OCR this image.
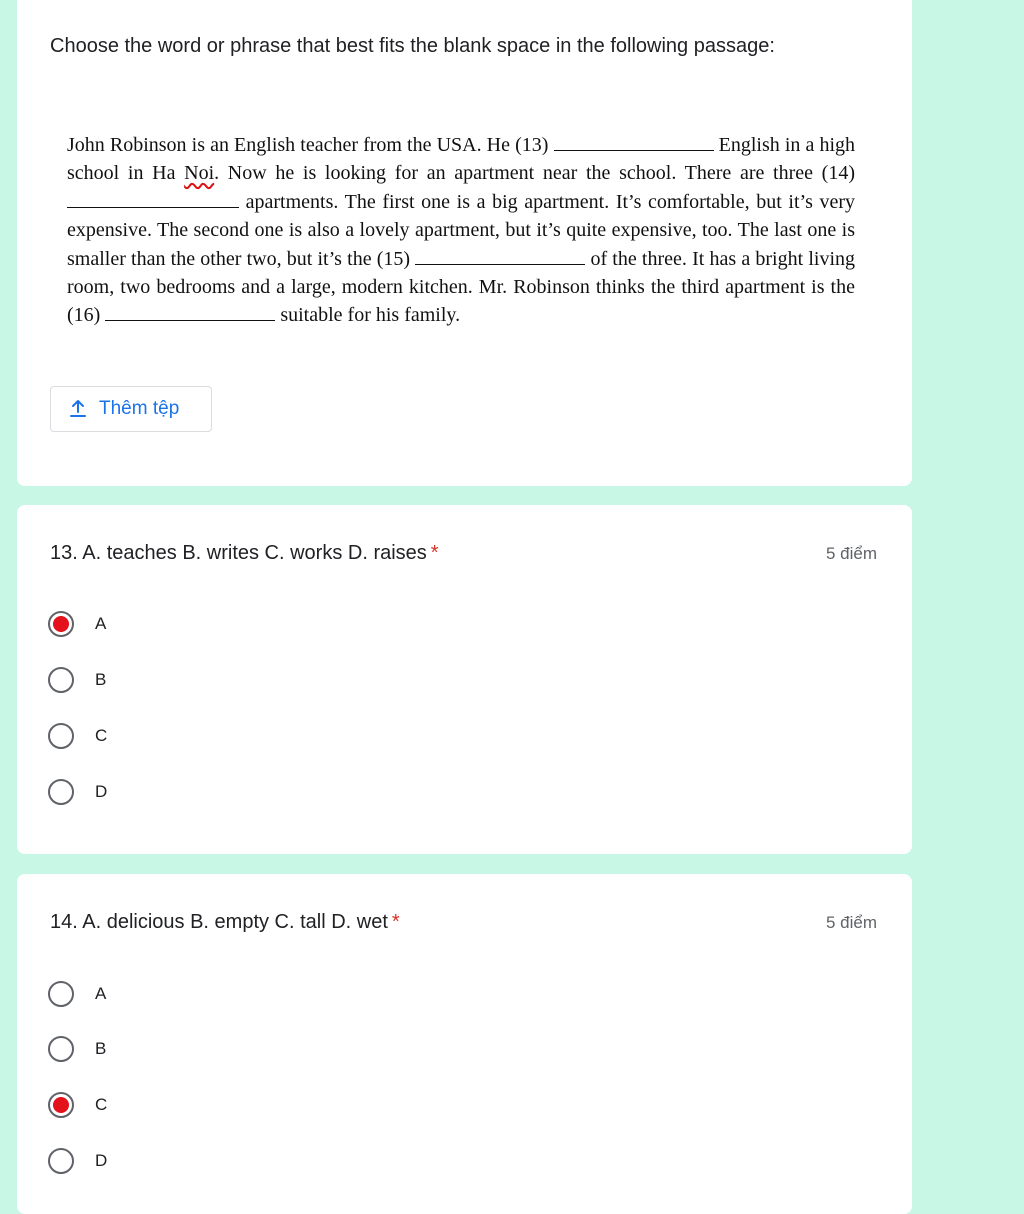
Choose the word or phrase that best fits the blank space in the following passage:
John Robinson is an English teacher from the USA. He (13)	English in a high school in Ha Noi. Now he is looking for an apartment near the school. There are three (14)  apartments. The first one is a big apartment. It’s comfortable, but it’s very expensive. The second one is also a lovely apartment, but it’s quite expensive, too. The last one is smaller than the other two, but it’s the (15)	of the three. It has a bright living room, two bedrooms and a large, modern kitchen. Mr. Robinson thinks the third apartment is the (16)	suitable for his family.
Thêm tệp
13. A. teaches B. writes C. works D. raises *	5 điểm
A
B
C
D
14. A. delicious B. empty C. tall D. wet *	5 điểm
A
B
C
D
